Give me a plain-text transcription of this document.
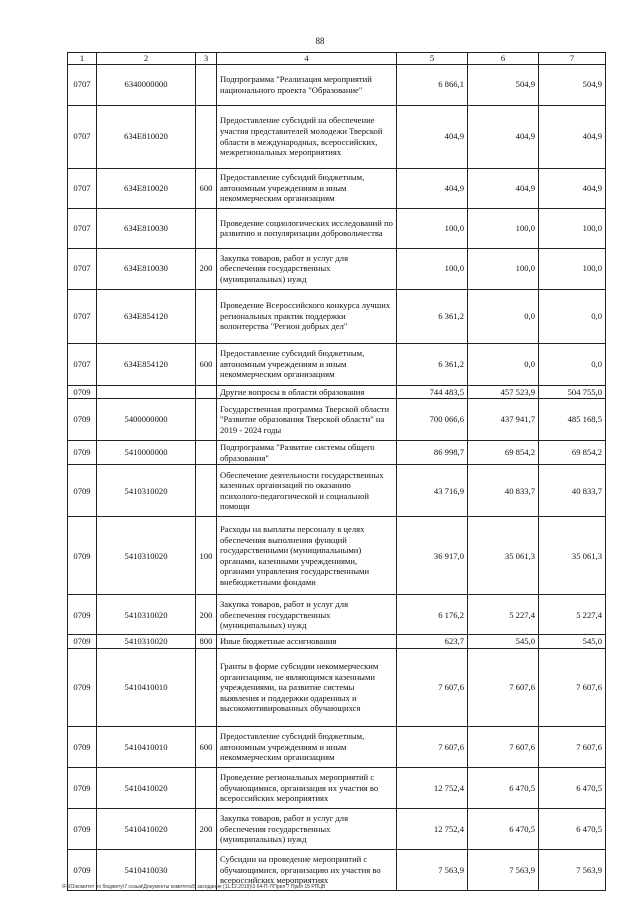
88
1	2	3	4	5	6	7
0707	6340000000		Подпрограмма "Реализация мероприятий национального проекта "Образование"	6 866,1	504,9	504,9
0707	634E810020		Предоставление субсидий на обеспечение участия представителей молодежи Тверской области в международных, всероссийских, межрегиональных мероприятиях	404,9	404,9	404,9
0707	634E810020	600	Предоставление субсидий бюджетным, автономным учреждениям и иным некоммерческим организациям	404,9	404,9	404,9
0707	634E810030		Проведение социологических исследований по развитию и популяризации добровольчества	100,0	100,0	100,0
0707	634E810030	200	Закупка товаров, работ и услуг для обеспечения государственных (муниципальных) нужд	100,0	100,0	100,0
0707	634E854120		Проведение Всероссийского конкурса лучших региональных практик поддержки волонтерства "Регион добрых дел"	6 361,2	0,0	0,0
0707	634E854120	600	Предоставление субсидий бюджетным, автономным учреждениям и иным некоммерческим организациям	6 361,2	0,0	0,0
0709			Другие вопросы в области образования	744 483,5	457 523,9	504 755,0
0709	5400000000		Государственная программа Тверской области "Развитие образования Тверской области" на 2019 - 2024 годы	700 066,6	437 941,7	485 168,5
0709	5410000000		Подпрограмма "Развитие системы общего образования"	86 998,7	69 854,2	69 854,2
0709	5410310020		Обеспечение деятельности государственных казенных организаций по оказанию психолого-педагогической и социальной помощи	43 716,9	40 833,7	40 833,7
0709	5410310020	100	Расходы на выплаты персоналу в целях обеспечения выполнения функций государственными (муниципальными) органами, казенными учреждениями, органами управления государственными внебюджетными фондами	36 917,0	35 061,3	35 061,3
0709	5410310020	200	Закупка товаров, работ и услуг для обеспечения государственных (муниципальных) нужд	6 176,2	5 227,4	5 227,4
0709	5410310020	800	Иные бюджетные ассигнования	623,7	545,0	545,0
0709	5410410010		Гранты в форме субсидии некоммерческим организациям, не являющимся казенными учреждениями, на развитие системы выявления и поддержки одаренных и высокомотивированных обучающихся	7 607,6	7 607,6	7 607,6
0709	5410410010	600	Предоставление субсидий бюджетным, автономным учреждениям и иным некоммерческим организациям	7 607,6	7 607,6	7 607,6
0709	5410410020		Проведение региональных мероприятий с обучающимися, организация их участия во всероссийских мероприятиях	12 752,4	6 470,5	6 470,5
0709	5410410020	200	Закупка товаров, работ и услуг для обеспечения государственных (муниципальных) нужд	12 752,4	6 470,5	6 470,5
0709	5410410030		Субсидии на проведение мероприятий с обучающимися, организацию их участия во всероссийских мероприятиях	7 563,9	7 563,9	7 563,9
\Fs01\комитет по бюджету\7 созыв\Документы комитета\5 заседание (11.12.2019)\3 64-П-7\Прил 7 Прил 15 РПЦВ
